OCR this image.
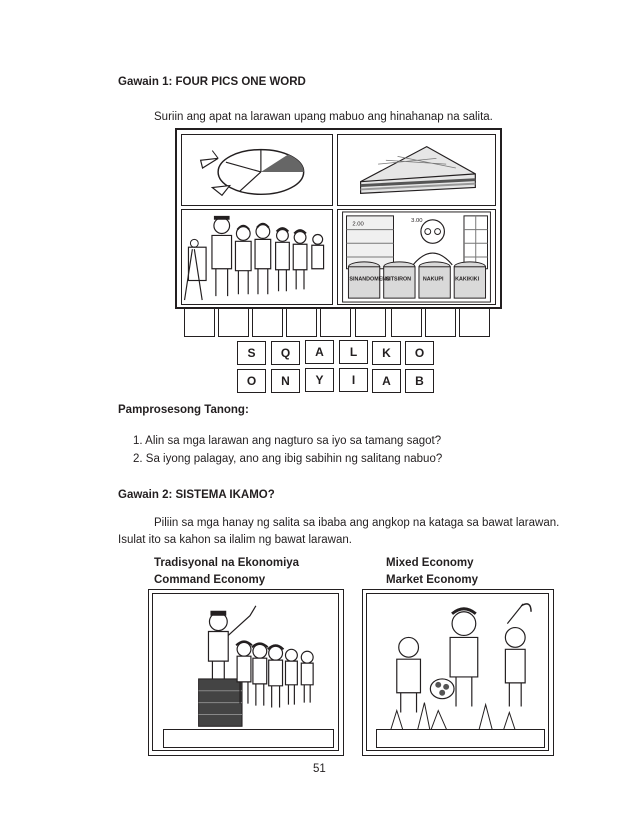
Gawain 1: FOUR PICS ONE WORD
Suriin ang apat na larawan upang mabuo ang hinahanap na salita.
3.00
2.00
SINANDOMENG
SITSIRON NAKUPI KAKIKIKI
S	Q	A	L	K	O
O	N	Y	I	A	B
Pamprosesong Tanong:
1. Alin sa mga larawan ang nagturo sa iyo sa tamang sagot?
2. Sa iyong palagay, ano ang ibig sabihin ng salitang nabuo?
Gawain 2: SISTEMA IKAMO?
Piliin sa mga hanay ng salita sa ibaba ang angkop na kataga sa bawat larawan.
Isulat ito sa kahon sa ilalim ng bawat larawan.
Tradisyonal na Ekonomiya
Command Economy
Mixed Economy
Market Economy
51
